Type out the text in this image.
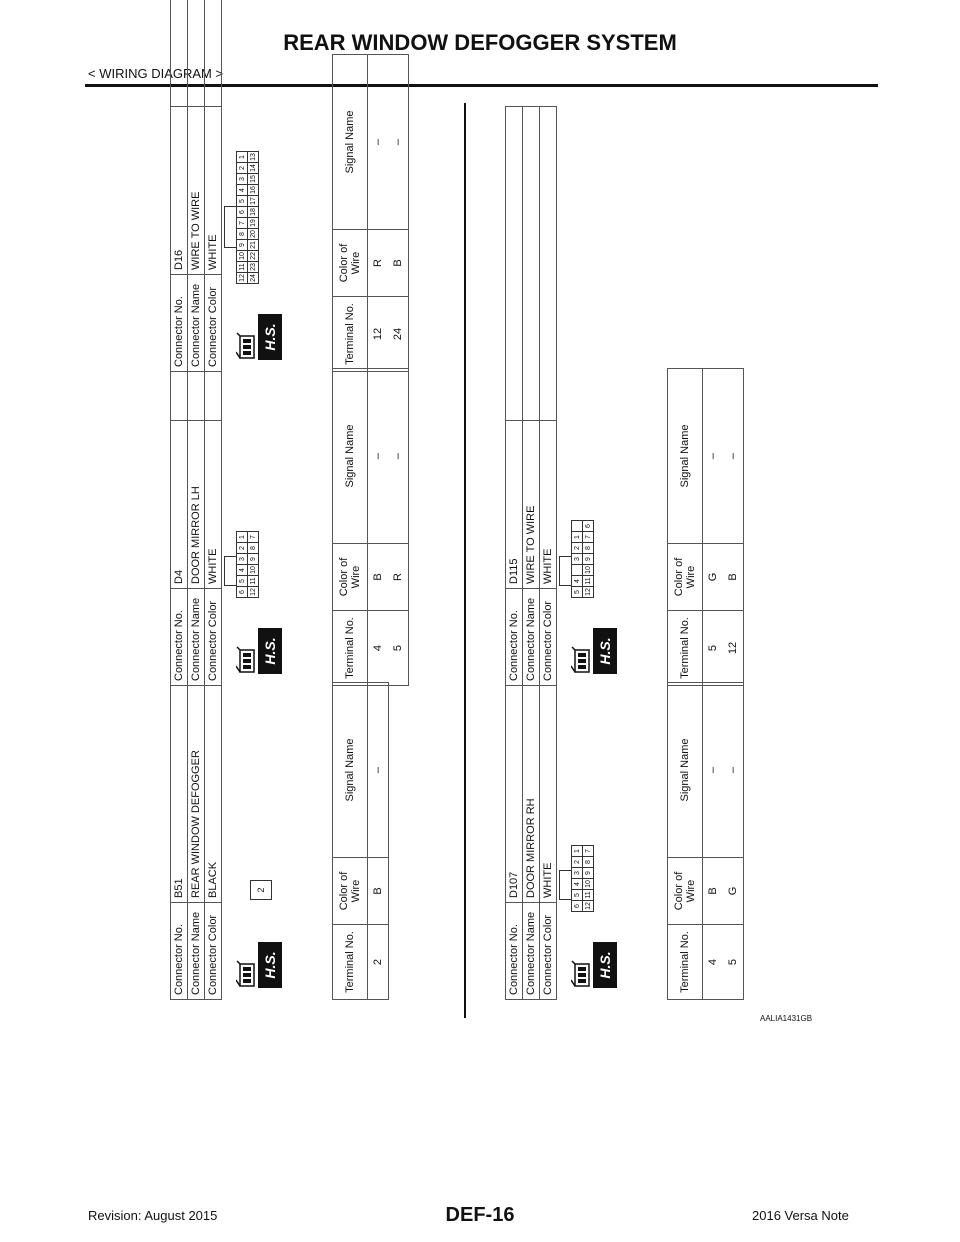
REAR WINDOW DEFOGGER SYSTEM
< WIRING DIAGRAM >
Connector No.	B51
Connector Name	REAR WINDOW DEFOGGER
Connector Color	BLACK
H.S.
2
Terminal No.	Color of Wire	Signal Name
2	B	–
Connector No.	D4
Connector Name	DOOR MIRROR LH
Connector Color	WHITE
H.S.
6	5	4	3	2	1
12	11	10	9	8	7
Terminal No.	Color of Wire	Signal Name
4	B	–
5	R	–
Connector No.	D16
Connector Name	WIRE TO WIRE
Connector Color	WHITE
H.S.
12	11	10	9	8	7	6	5	4	3	2	1
24	23	22	21	20	19	18	17	16	15	14	13
Terminal No.	Color of Wire	Signal Name
12	R	–
24	B	–
Connector No.	D107
Connector Name	DOOR MIRROR RH
Connector Color	WHITE
H.S.
6	5	4	3	2	1
12	11	10	9	8	7
Terminal No.	Color of Wire	Signal Name
4	B	–
5	G	–
Connector No.	D115
Connector Name	WIRE TO WIRE
Connector Color	WHITE
H.S.
5	4		3	2	1	
12	11	10	9	8	7	6
Terminal No.	Color of Wire	Signal Name
5	G	–
12	B	–
AALIA1431GB
Revision: August 2015	DEF-16	2016 Versa Note
